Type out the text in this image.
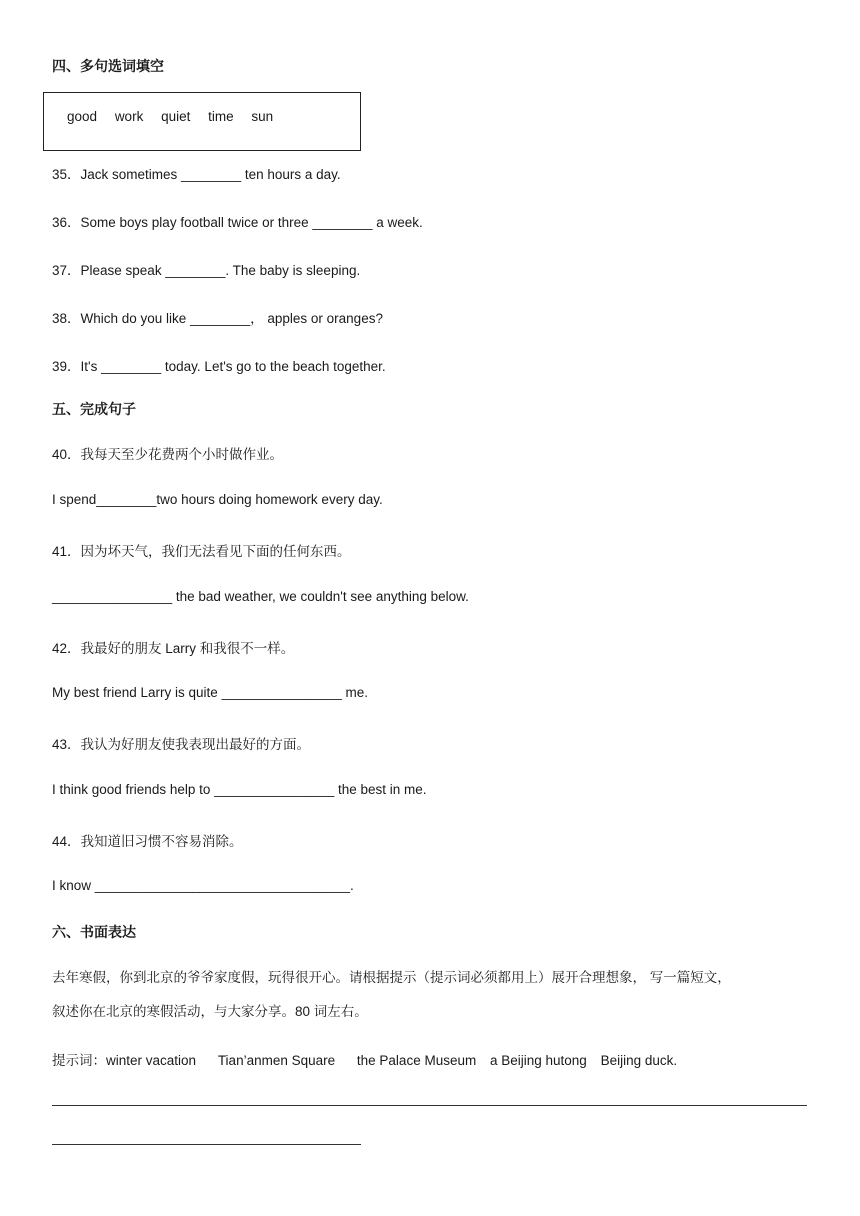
四、多句选词填空
good work quiet time sun
35．Jack sometimes ________ ten hours a day.
36．Some boys play football twice or three ________ a week.
37．Please speak ________. The baby is sleeping.
38．Which do you like ________， apples or oranges?
39．It's ________ today. Let's go to the beach together.
五、完成句子
40．我每天至少花费两个小时做作业。
I spend________two hours doing homework every day.
41．因为坏天气，我们无法看见下面的任何东西。
________________ the bad weather, we couldn't see anything below.
42．我最好的朋友 Larry 和我很不一样。
My best friend Larry is quite ________________ me.
43．我认为好朋友使我表现出最好的方面。
I think good friends help to ________________ the best in me.
44．我知道旧习惯不容易消除。
I know __________________________________.
六、书面表达
去年寒假，你到北京的爷爷家度假，玩得很开心。请根据提示（提示词必须都用上）展开合理想象， 写一篇短文，
叙述你在北京的寒假活动，与大家分享。80 词左右。
提示词：winter vacation Tian’anmen Square the Palace Museum a Beijing hutong Beijing duck.
